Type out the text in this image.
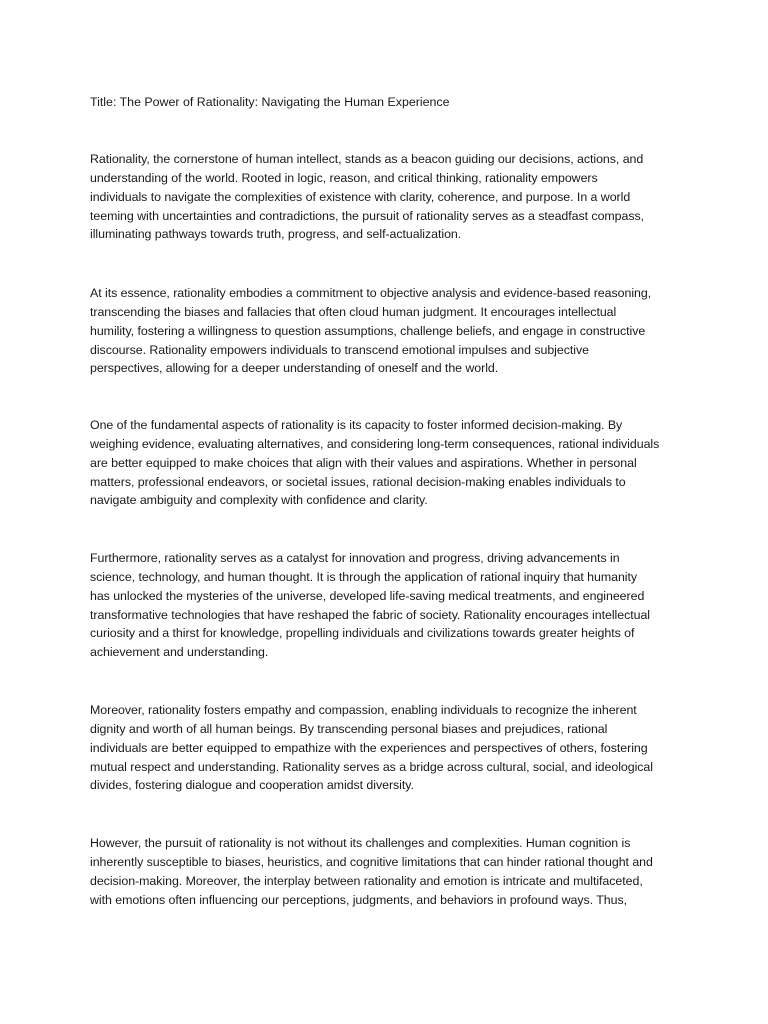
Title: The Power of Rationality: Navigating the Human Experience

Rationality, the cornerstone of human intellect, stands as a beacon guiding our decisions, actions, and
understanding of the world. Rooted in logic, reason, and critical thinking, rationality empowers
individuals to navigate the complexities of existence with clarity, coherence, and purpose. In a world
teeming with uncertainties and contradictions, the pursuit of rationality serves as a steadfast compass,
illuminating pathways towards truth, progress, and self-actualization.
At its essence, rationality embodies a commitment to objective analysis and evidence-based reasoning,
transcending the biases and fallacies that often cloud human judgment. It encourages intellectual
humility, fostering a willingness to question assumptions, challenge beliefs, and engage in constructive
discourse. Rationality empowers individuals to transcend emotional impulses and subjective
perspectives, allowing for a deeper understanding of oneself and the world.
One of the fundamental aspects of rationality is its capacity to foster informed decision-making. By
weighing evidence, evaluating alternatives, and considering long-term consequences, rational individuals
are better equipped to make choices that align with their values and aspirations. Whether in personal
matters, professional endeavors, or societal issues, rational decision-making enables individuals to
navigate ambiguity and complexity with confidence and clarity.
Furthermore, rationality serves as a catalyst for innovation and progress, driving advancements in
science, technology, and human thought. It is through the application of rational inquiry that humanity
has unlocked the mysteries of the universe, developed life-saving medical treatments, and engineered
transformative technologies that have reshaped the fabric of society. Rationality encourages intellectual
curiosity and a thirst for knowledge, propelling individuals and civilizations towards greater heights of
achievement and understanding.
Moreover, rationality fosters empathy and compassion, enabling individuals to recognize the inherent
dignity and worth of all human beings. By transcending personal biases and prejudices, rational
individuals are better equipped to empathize with the experiences and perspectives of others, fostering
mutual respect and understanding. Rationality serves as a bridge across cultural, social, and ideological
divides, fostering dialogue and cooperation amidst diversity.
However, the pursuit of rationality is not without its challenges and complexities. Human cognition is
inherently susceptible to biases, heuristics, and cognitive limitations that can hinder rational thought and
decision-making. Moreover, the interplay between rationality and emotion is intricate and multifaceted,
with emotions often influencing our perceptions, judgments, and behaviors in profound ways. Thus,
